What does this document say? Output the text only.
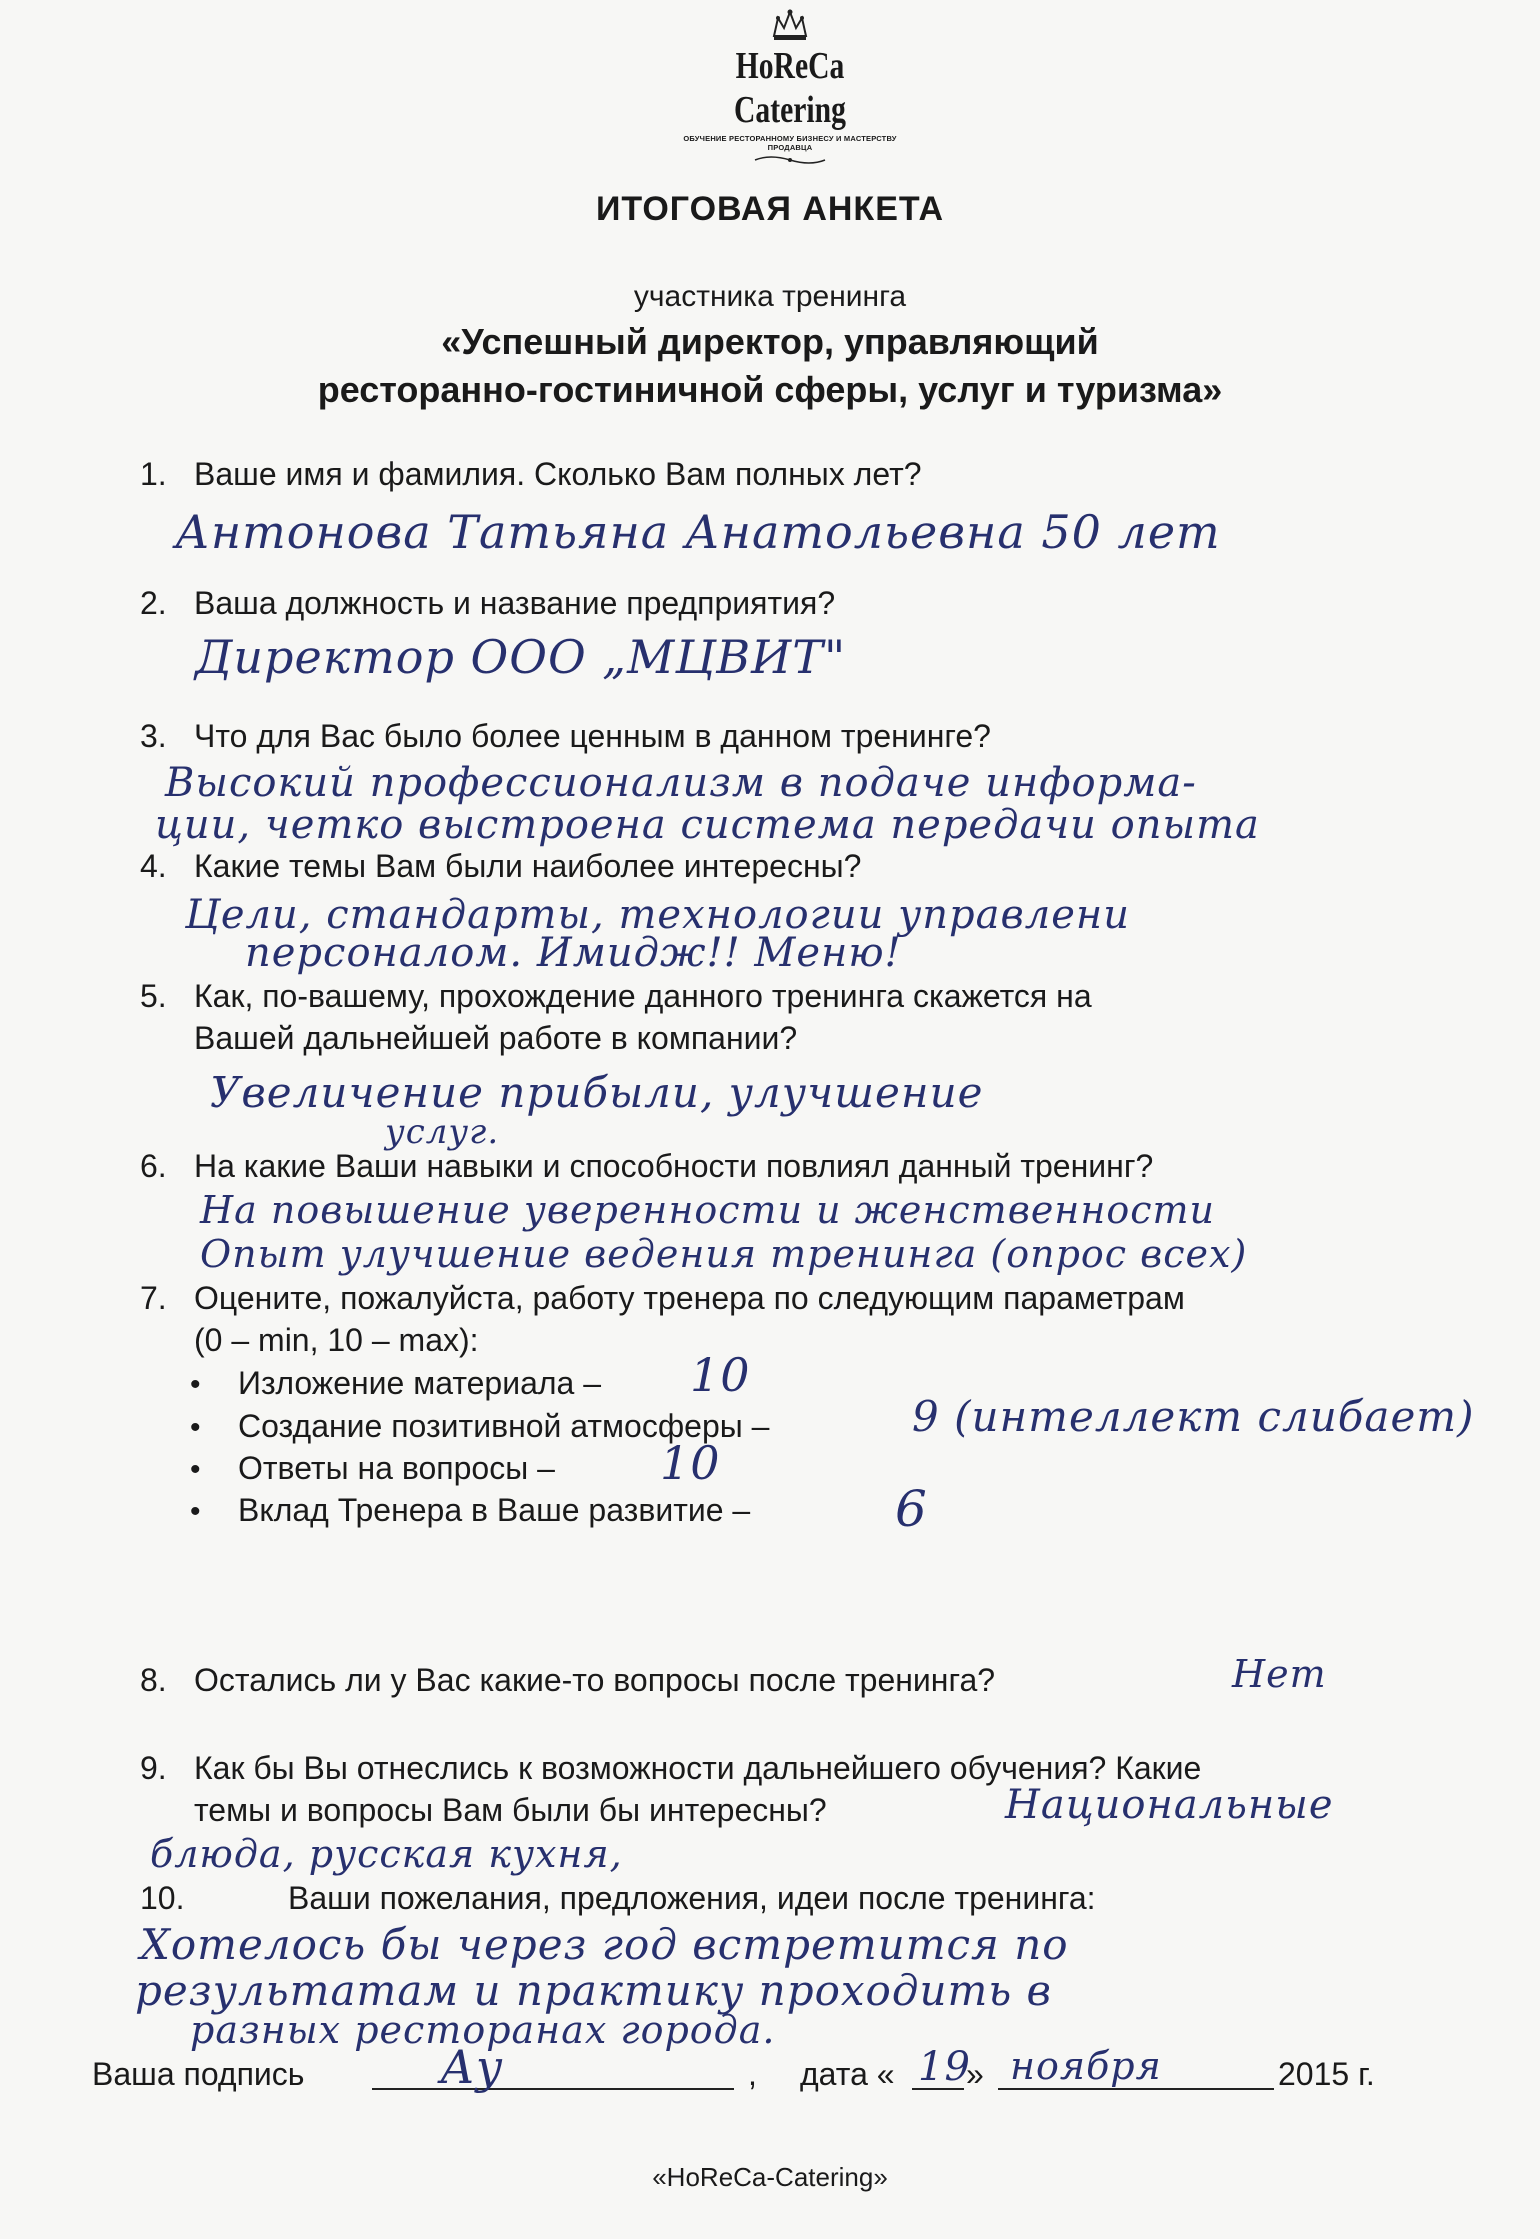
HoReCa Catering
ОБУЧЕНИЕ РЕСТОРАННОМУ БИЗНЕСУ И МАСТЕРСТВУ ПРОДАВЦА
ИТОГОВАЯ АНКЕТА
участника тренинга
«Успешный директор, управляющий
ресторанно-гостиничной сферы, услуг и туризма»
1. Ваше имя и фамилия. Сколько Вам полных лет?
Антонова Татьяна Анатольевна 50 лет
2. Ваша должность и название предприятия?
Директор ООО „МЦВИТ"
3. Что для Вас было более ценным в данном тренинге?
Высокий профессионализм в подаче информа-
ции, четко выстроена система передачи опыта
4. Какие темы Вам были наиболее интересны?
Цели, стандарты, технологии управлени
персоналом. Имидж!! Меню!
5. Как, по-вашему, прохождение данного тренинга скажется на
Вашей дальнейшей работе в компании?
Увеличение прибыли, улучшение
услуг.
6. На какие Ваши навыки и способности повлиял данный тренинг?
На повышение уверенности и женственности
Опыт улучшение ведения тренинга (опрос всех)
7. Оцените, пожалуйста, работу тренера по следующим параметрам
(0 – min, 10 – max):
• Изложение материала – 10
• Создание позитивной атмосферы –	9 (интеллект слибает)
• Ответы на вопросы – 10
• Вклад Тренера в Ваше развитие –	6
8. Остались ли у Вас какие-то вопросы после тренинга?	Нет
9. Как бы Вы отнеслись к возможности дальнейшего обучения? Какие
темы и вопросы Вам были бы интересны?	Национальные
блюда, русская кухня,
10.	Ваши пожелания, предложения, идеи после тренинга:
Хотелось бы через год встретится по
результатам и практику проходить в
разных ресторанах города.
Ваша подпись	Ау	, дата « 19
» ноября	2015 г.
«HoReCa-Catering»
